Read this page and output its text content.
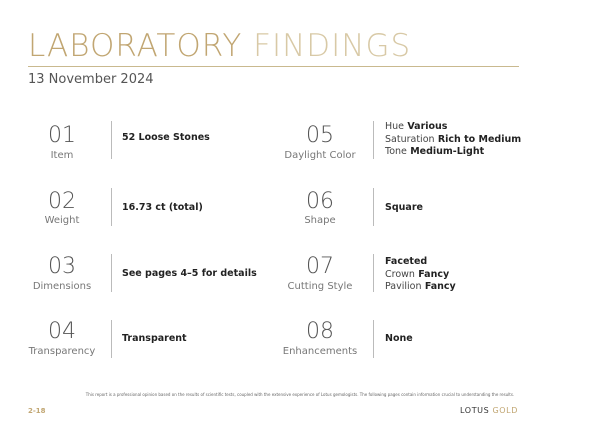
LABORATORY FINDINGS
13 November 2024
01
Item
52 Loose Stones
02
Weight
16.73 ct (total)
03
Dimensions
See pages 4–5 for details
04
Transparency
Transparent
05
Daylight Color
Hue Various
Saturation Rich to Medium
Tone Medium-Light
06
Shape
Square
07
Cutting Style
Faceted
Crown Fancy
Pavilion Fancy
08
Enhancements
None
This report is a professional opinion based on the results of scientific tests, coupled with the extensive experience of Lotus gemologists. The following pages contain information crucial to understanding the results.
2-18	LOTUS GOLD
